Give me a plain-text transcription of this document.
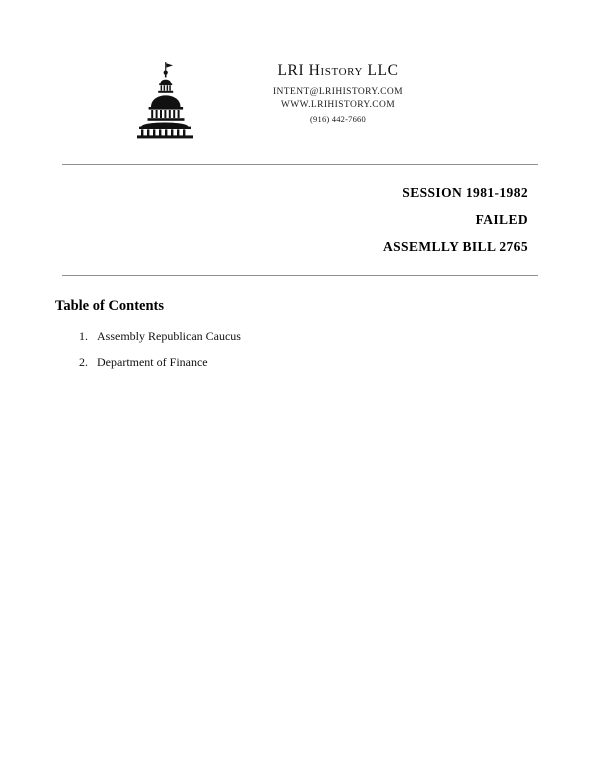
LRI History LLC
INTENT@LRIHISTORY.COM
WWW.LRIHISTORY.COM
(916) 442-7660
SESSION 1981-1982
FAILED
ASSEMLLY BILL 2765
Table of Contents
1. Assembly Republican Caucus
2. Department of Finance
